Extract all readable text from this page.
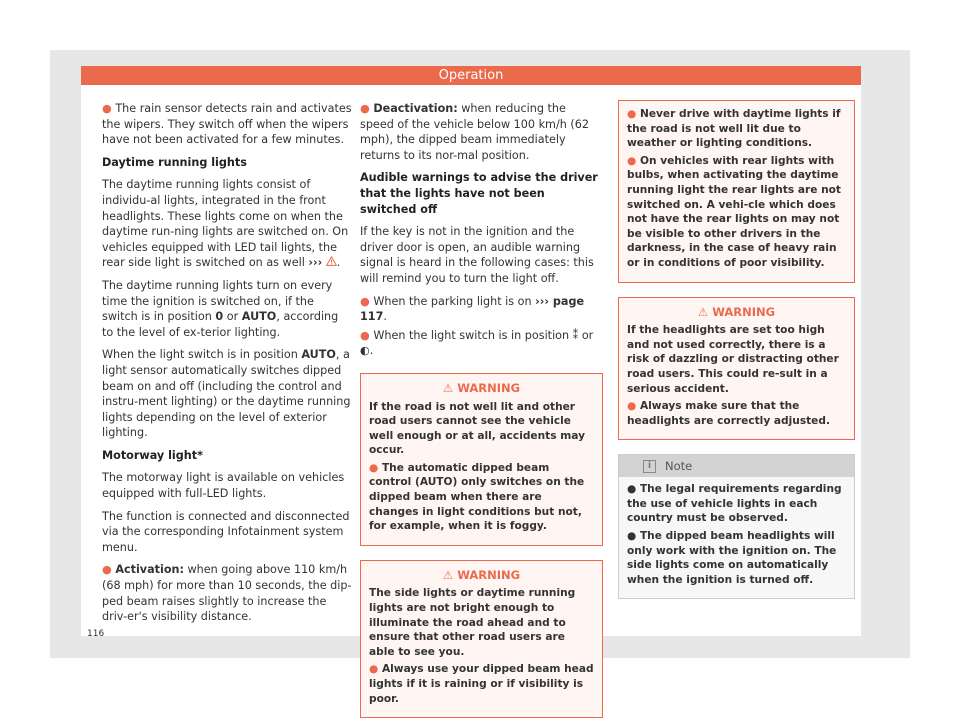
Operation

● The rain sensor detects rain and activates the wipers. They switch off when the wipers have not been activated for a few minutes.

Daytime running lights

The daytime running lights consist of individu-al lights, integrated in the front headlights. These lights come on when the daytime run-ning lights are switched on. On vehicles equipped with LED tail lights, the rear side light is switched on as well ››› .

The daytime running lights turn on every time the ignition is switched on, if the switch is in position 0 or AUTO, according to the level of ex-terior lighting.

When the light switch is in position AUTO, a light sensor automatically switches dipped beam on and off (including the control and instru-ment lighting) or the daytime running lights depending on the level of exterior lighting.

Motorway light*

The motorway light is available on vehicles equipped with full-LED lights.

The function is connected and disconnected via the corresponding Infotainment system menu.

● Activation: when going above 110 km/h (68 mph) for more than 10 seconds, the dip-ped beam raises slightly to increase the driv-er's visibility distance.

● Deactivation: when reducing the speed of the vehicle below 100 km/h (62 mph), the dipped beam immediately returns to its nor-mal position.

Audible warnings to advise the driver that the lights have not been switched off

If the key is not in the ignition and the driver door is open, an audible warning signal is heard in the following cases: this will remind you to turn the light off.

● When the parking light is on ››› page 117.

● When the light switch is in position ⁑ or ◐.

⚠ WARNING

If the road is not well lit and other road users cannot see the vehicle well enough or at all, accidents may occur.

● The automatic dipped beam control (AUTO) only switches on the dipped beam when there are changes in light conditions but not, for example, when it is foggy.

⚠ WARNING

The side lights or daytime running lights are not bright enough to illuminate the road ahead and to ensure that other road users are able to see you.

● Always use your dipped beam head lights if it is raining or if visibility is poor.

● Never drive with daytime lights if the road is not well lit due to weather or lighting conditions.

● On vehicles with rear lights with bulbs, when activating the daytime running light the rear lights are not switched on. A vehi-cle which does not have the rear lights on may not be visible to other drivers in the darkness, in the case of heavy rain or in conditions of poor visibility.

⚠ WARNING

If the headlights are set too high and not used correctly, there is a risk of dazzling or distracting other road users. This could re-sult in a serious accident.

● Always make sure that the headlights are correctly adjusted.

i	Note

● The legal requirements regarding the use of vehicle lights in each country must be observed.

● The dipped beam headlights will only work with the ignition on. The side lights come on automatically when the ignition is turned off.

116
